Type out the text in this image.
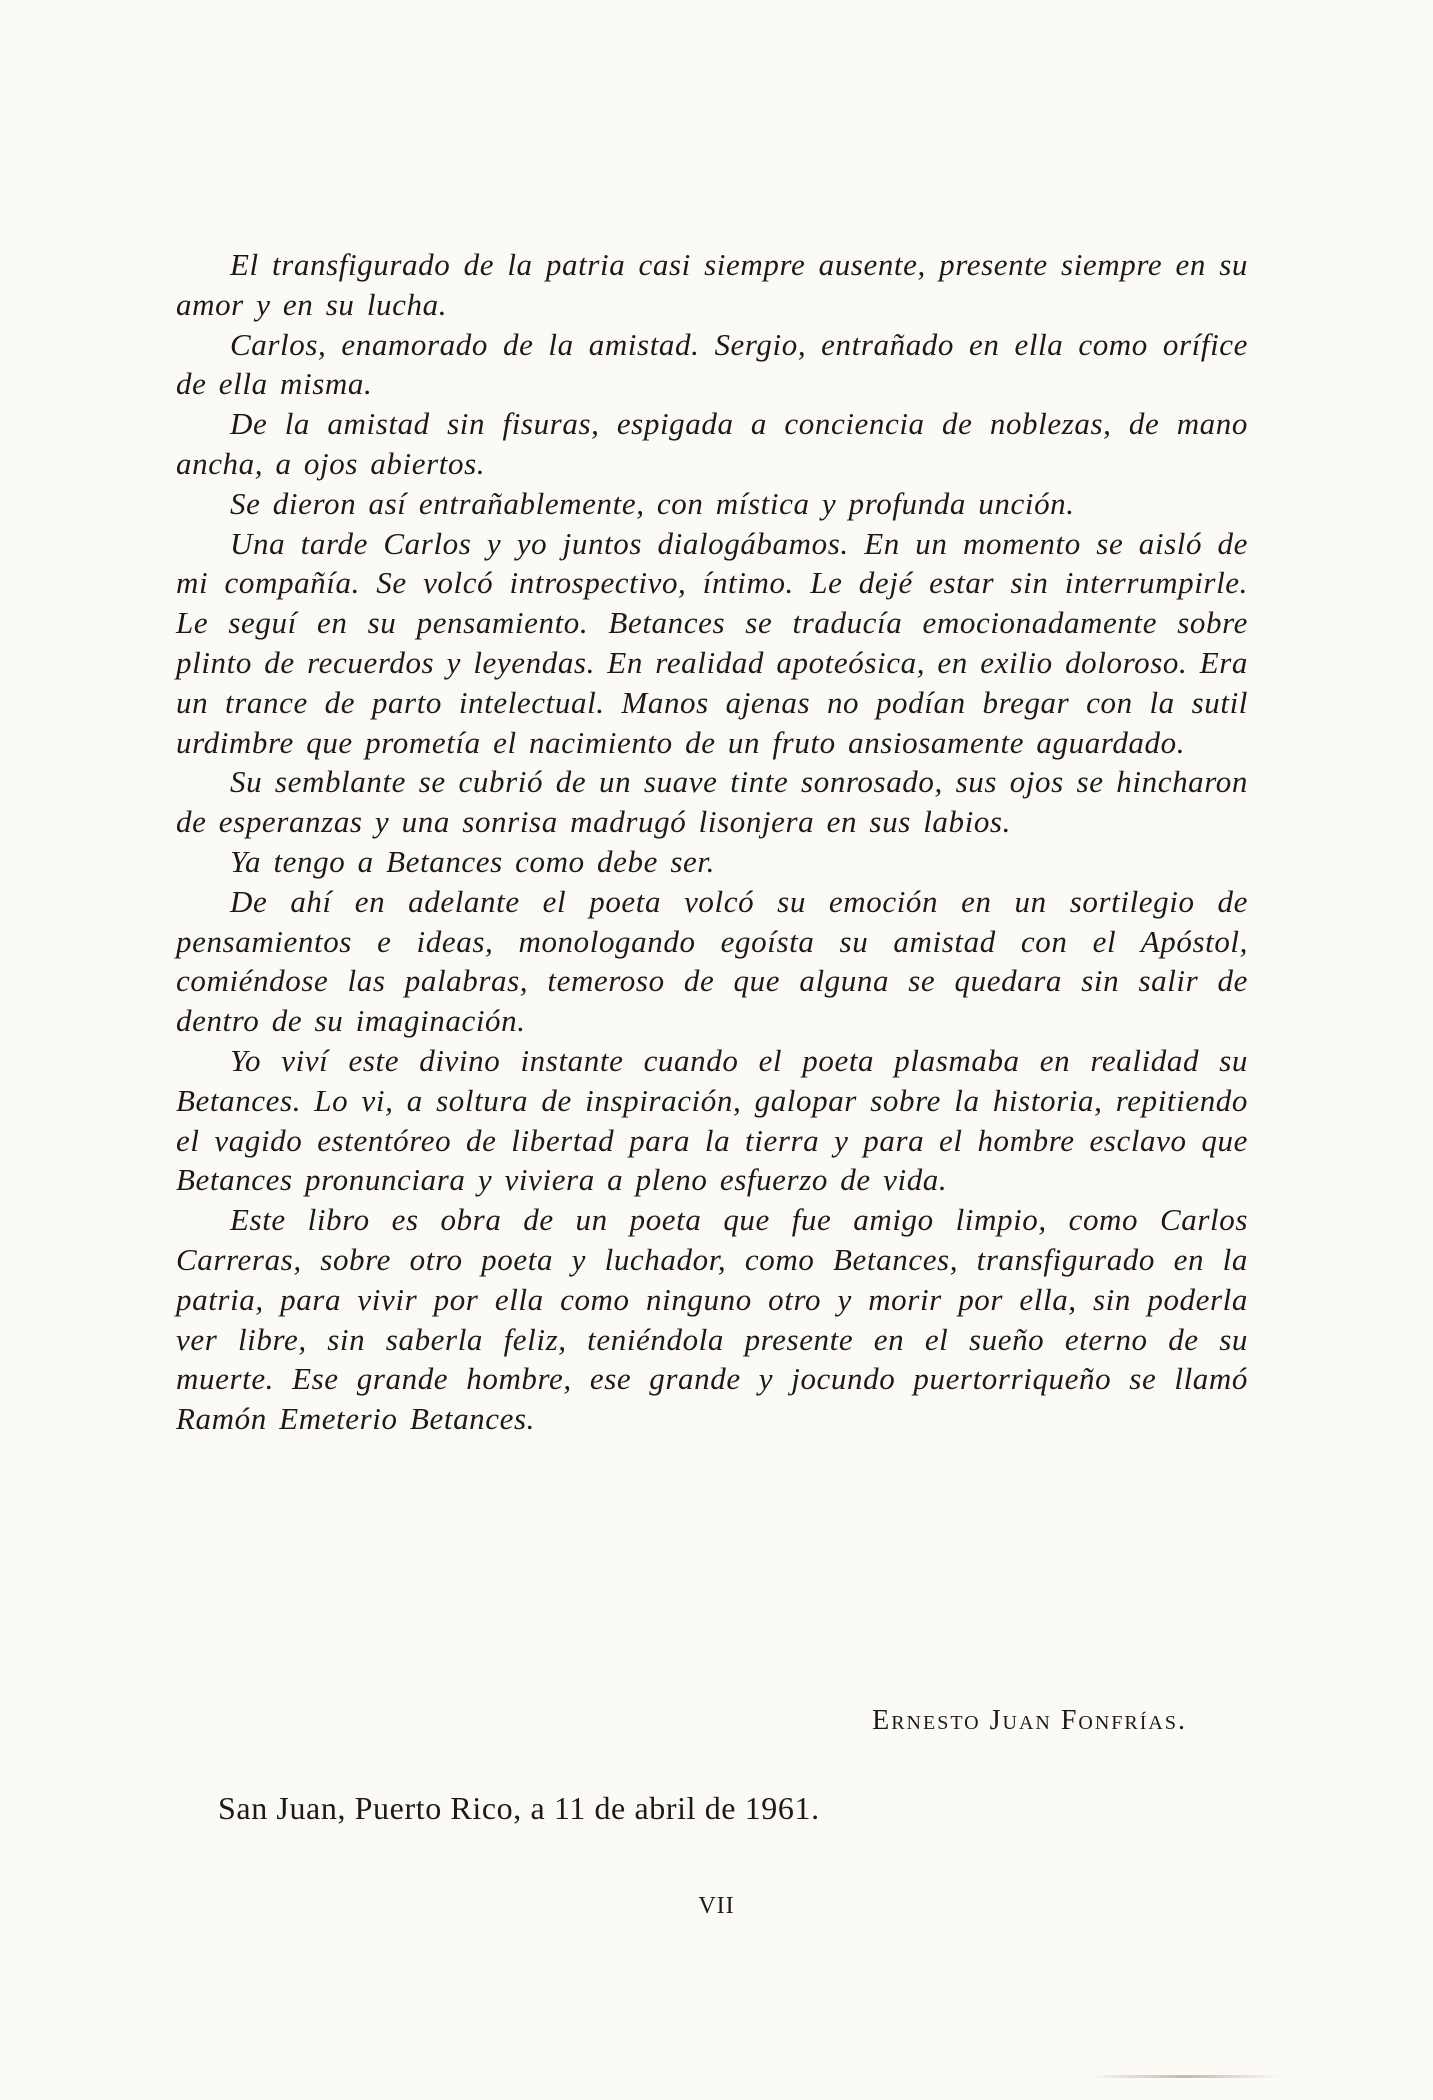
El transfigurado de la patria casi siempre ausente, presente siempre en su amor y en su lucha.

Carlos, enamorado de la amistad. Sergio, entrañado en ella como orífice de ella misma.

De la amistad sin fisuras, espigada a conciencia de noblezas, de mano ancha, a ojos abiertos.

Se dieron así entrañablemente, con mística y profunda unción.

Una tarde Carlos y yo juntos dialogábamos. En un momento se aisló de mi compañía. Se volcó introspectivo, íntimo. Le dejé estar sin interrumpirle. Le seguí en su pensamiento. Betances se traducía emocionadamente sobre plinto de recuerdos y leyendas. En realidad apoteósica, en exilio doloroso. Era un trance de parto intelectual. Manos ajenas no podían bregar con la sutil urdimbre que prometía el nacimiento de un fruto ansiosamente aguardado.

Su semblante se cubrió de un suave tinte sonrosado, sus ojos se hincharon de esperanzas y una sonrisa madrugó lisonjera en sus labios.

Ya tengo a Betances como debe ser.

De ahí en adelante el poeta volcó su emoción en un sortilegio de pensamientos e ideas, monologando egoísta su amistad con el Apóstol, comiéndose las palabras, temeroso de que alguna se quedara sin salir de dentro de su imaginación.

Yo viví este divino instante cuando el poeta plasmaba en realidad su Betances. Lo vi, a soltura de inspiración, galopar sobre la historia, repitiendo el vagido estentóreo de libertad para la tierra y para el hombre esclavo que Betances pronunciara y viviera a pleno esfuerzo de vida.

Este libro es obra de un poeta que fue amigo limpio, como Carlos Carreras, sobre otro poeta y luchador, como Betances, transfigurado en la patria, para vivir por ella como ninguno otro y morir por ella, sin poderla ver libre, sin saberla feliz, teniéndola presente en el sueño eterno de su muerte. Ese grande hombre, ese grande y jocundo puertorriqueño se llamó Ramón Emeterio Betances.

Ernesto Juan Fonfrías.
San Juan, Puerto Rico, a 11 de abril de 1961.
VII
